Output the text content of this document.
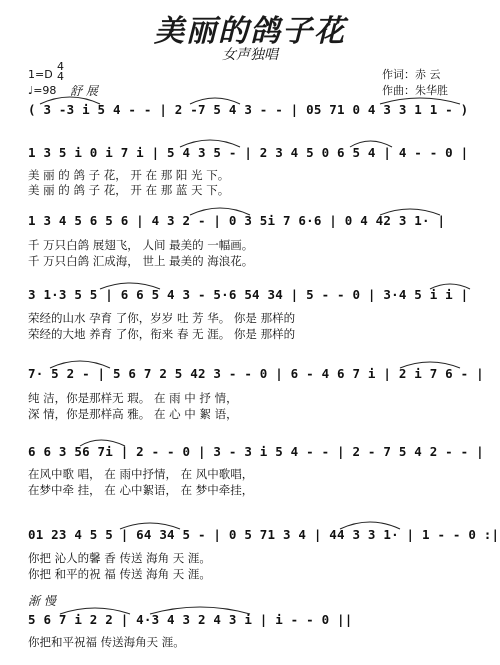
美丽的鸽子花
女声独唱
1=D
4
4
♩=98 舒 展
作词：赤 云
作曲：朱华胜
( 3 -3 i 5 4 - - | 2 -7 5 4 3 - - | 05 71 0 4 3 3 1 1 - )
1 3 5 i 0 i 7 i | 5 4 3 5 - | 2 3 4 5 0 6 5 4 | 4 - - 0 |
美 丽 的 鸽 子 花， 开 在 那 阳 光 下。
美 丽 的 鸽 子 花， 开 在 那 蓝 天 下。
1 3 4 5 6 5 6 | 4 3 2 - | 0 3 5i 7 6·6 | 0 4 42 3 1· |
千 万只白鸽 展翅飞， 人间 最美的 一幅画。
千 万只白鸽 汇成海， 世上 最美的 海浪花。
3 1·3 5 5 | 6 6 5 4 3 - 5·6 54 34 | 5 - - 0 | 3·4 5 i i |
荣经的山水 孕育 了你，岁岁 吐 芳 华。 你是 那样的
荣经的大地 养育 了你，衔来 春 无 涯。 你是 那样的
7· 5 2 - | 5 6 7 2 5 42 3 - - 0 | 6 - 4 6 7 i | 2 i 7 6 - |
纯 洁，你是那样无 瑕。 在 雨 中 抒 情，
深 情，你是那样高 雅。 在 心 中 絮 语，
6 6 3 56 7i | 2 - - 0 | 3 - 3 i 5 4 - - | 2 - 7 5 4 2 - - |
在风中歌 唱， 在 雨中抒情， 在 风中歌唱，
在梦中牵 挂， 在 心中絮语， 在 梦中牵挂，
01 23 4 5 5 | 64 34 5 - | 0 5 71 3 4 | 44 3 3 1· | 1 - - 0 :|
你把 沁人的馨 香 传送 海角 天 涯。
你把 和平的祝 福 传送 海角 天 涯。
渐 慢
5 6 7 i 2 2 | 4·3 4 3 2 4 3 i | i - - 0 ||
你把和平祝福 传送海角天 涯。
